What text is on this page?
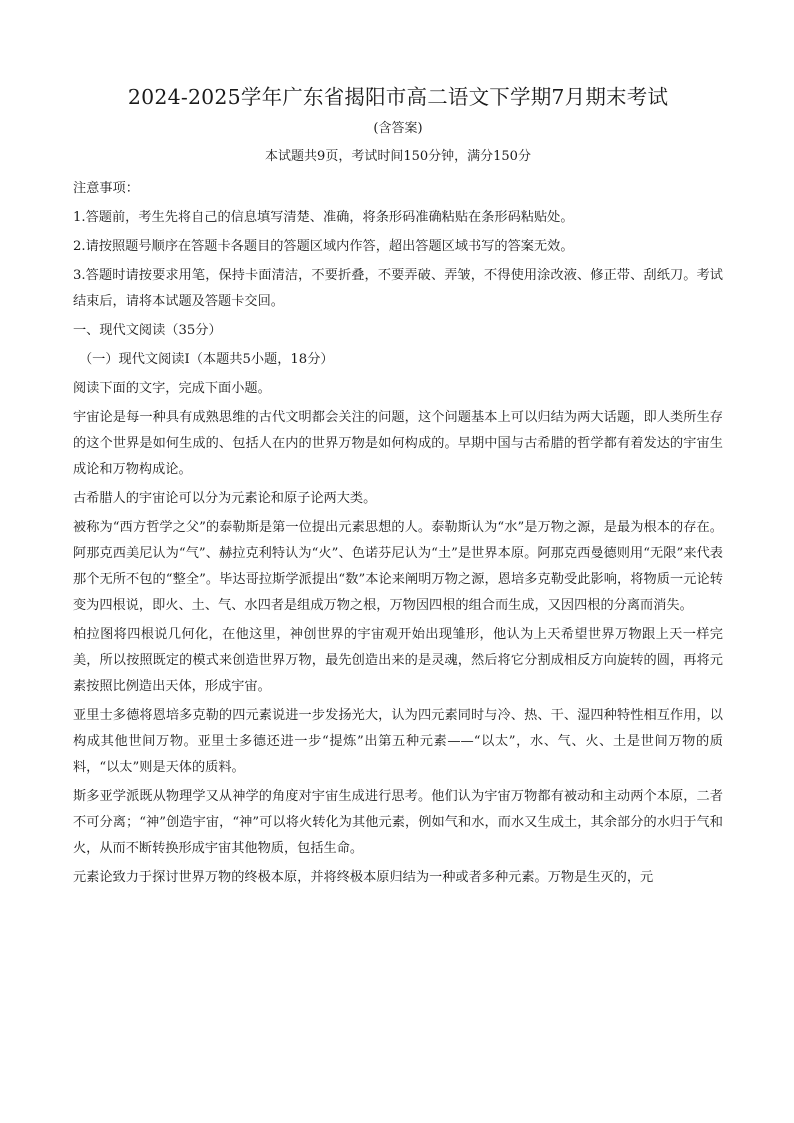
2024-2025学年广东省揭阳市高二语文下学期7月期末考试
(含答案)
本试题共9页，考试时间150分钟，满分150分
注意事项：
1.答题前，考生先将自己的信息填写清楚、准确，将条形码准确粘贴在条形码粘贴处。
2.请按照题号顺序在答题卡各题目的答题区域内作答，超出答题区域书写的答案无效。
3.答题时请按要求用笔，保持卡面清洁，不要折叠，不要弄破、弄皱，不得使用涂改液、修正带、刮纸刀。考试结束后，请将本试题及答题卡交回。
一、现代文阅读（35分）
（一）现代文阅读Ⅰ（本题共5小题，18分）
阅读下面的文字，完成下面小题。
宇宙论是每一种具有成熟思维的古代文明都会关注的问题，这个问题基本上可以归结为两大话题，即人类所生存的这个世界是如何生成的、包括人在内的世界万物是如何构成的。早期中国与古希腊的哲学都有着发达的宇宙生成论和万物构成论。
古希腊人的宇宙论可以分为元素论和原子论两大类。
被称为“西方哲学之父”的泰勒斯是第一位提出元素思想的人。泰勒斯认为“水”是万物之源，是最为根本的存在。阿那克西美尼认为“气”、赫拉克利特认为“火”、色诺芬尼认为“土”是世界本原。阿那克西曼德则用“无限”来代表那个无所不包的“整全”。毕达哥拉斯学派提出“数”本论来阐明万物之源，恩培多克勒受此影响，将物质一元论转变为四根说，即火、土、气、水四者是组成万物之根，万物因四根的组合而生成，又因四根的分离而消失。
柏拉图将四根说几何化，在他这里，神创世界的宇宙观开始出现雏形，他认为上天希望世界万物跟上天一样完美，所以按照既定的模式来创造世界万物，最先创造出来的是灵魂，然后将它分割成相反方向旋转的圆，再将元素按照比例造出天体，形成宇宙。
亚里士多德将恩培多克勒的四元素说进一步发扬光大，认为四元素同时与冷、热、干、湿四种特性相互作用，以构成其他世间万物。亚里士多德还进一步“提炼”出第五种元素——“以太”，水、气、火、土是世间万物的质料，“以太”则是天体的质料。
斯多亚学派既从物理学又从神学的角度对宇宙生成进行思考。他们认为宇宙万物都有被动和主动两个本原，二者不可分离；“神”创造宇宙，“神”可以将火转化为其他元素，例如气和水，而水又生成土，其余部分的水归于气和火，从而不断转换形成宇宙其他物质，包括生命。
元素论致力于探讨世界万物的终极本原，并将终极本原归结为一种或者多种元素。万物是生灭的，元
